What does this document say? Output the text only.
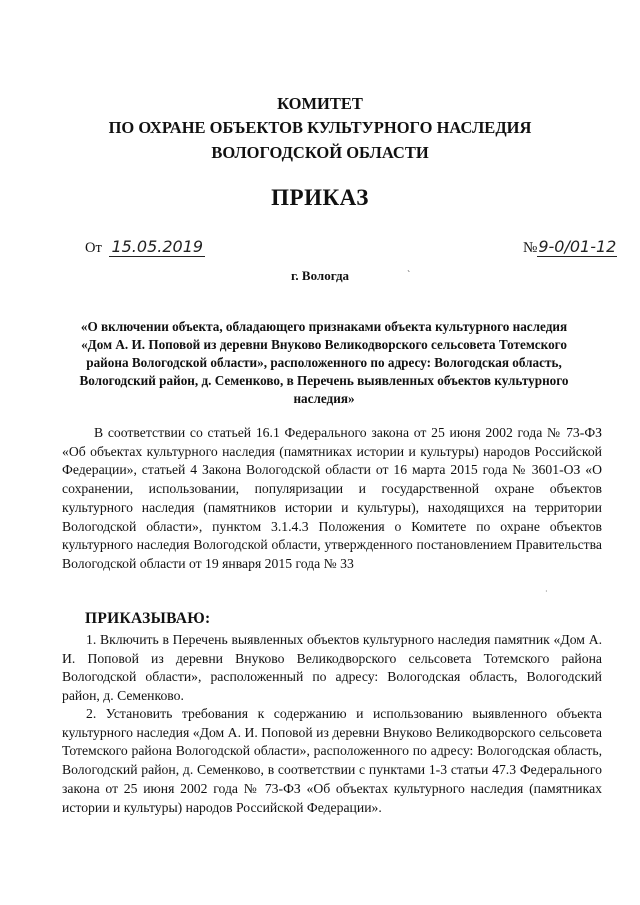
КОМИТЕТ
ПО ОХРАНЕ ОБЪЕКТОВ КУЛЬТУРНОГО НАСЛЕДИЯ
ВОЛОГОДСКОЙ ОБЛАСТИ
ПРИКАЗ
От 15.05.2019	№9-0/01-12
г. Вологда	ˋ
«О включении объекта, обладающего признаками объекта культурного наследия «Дом А. И. Поповой из деревни Внуково Великодворского сельсовета Тотемского района Вологодской области», расположенного по адресу: Вологодская область, Вологодский район, д. Семенково, в Перечень выявленных объектов культурного наследия»
В соответствии со статьей 16.1 Федерального закона от 25 июня 2002 года № 73-ФЗ «Об объектах культурного наследия (памятниках истории и культуры) народов Российской Федерации», статьей 4 Закона Вологодской области от 16 марта 2015 года № 3601-ОЗ «О сохранении, использовании, популяризации и государственной охране объектов культурного наследия (памятников истории и культуры), находящихся на территории Вологодской области», пунктом 3.1.4.3 Положения о Комитете по охране объектов культурного наследия Вологодской области, утвержденного постановлением Правительства Вологодской области от 19 января 2015 года № 33
·
ПРИКАЗЫВАЮ:
1. Включить в Перечень выявленных объектов культурного наследия памятник «Дом А. И. Поповой из деревни Внуково Великодворского сельсовета Тотемского района Вологодской области», расположенный по адресу: Вологодская область, Вологодский район, д. Семенково.
2. Установить требования к содержанию и использованию выявленного объекта культурного наследия «Дом А. И. Поповой из деревни Внуково Великодворского сельсовета Тотемского района Вологодской области», расположенного по адресу: Вологодская область, Вологодский район, д. Семенково, в соответствии с пунктами 1-3 статьи 47.3 Федерального закона от 25 июня 2002 года № 73-ФЗ «Об объектах культурного наследия (памятниках истории и культуры) народов Российской Федерации».
